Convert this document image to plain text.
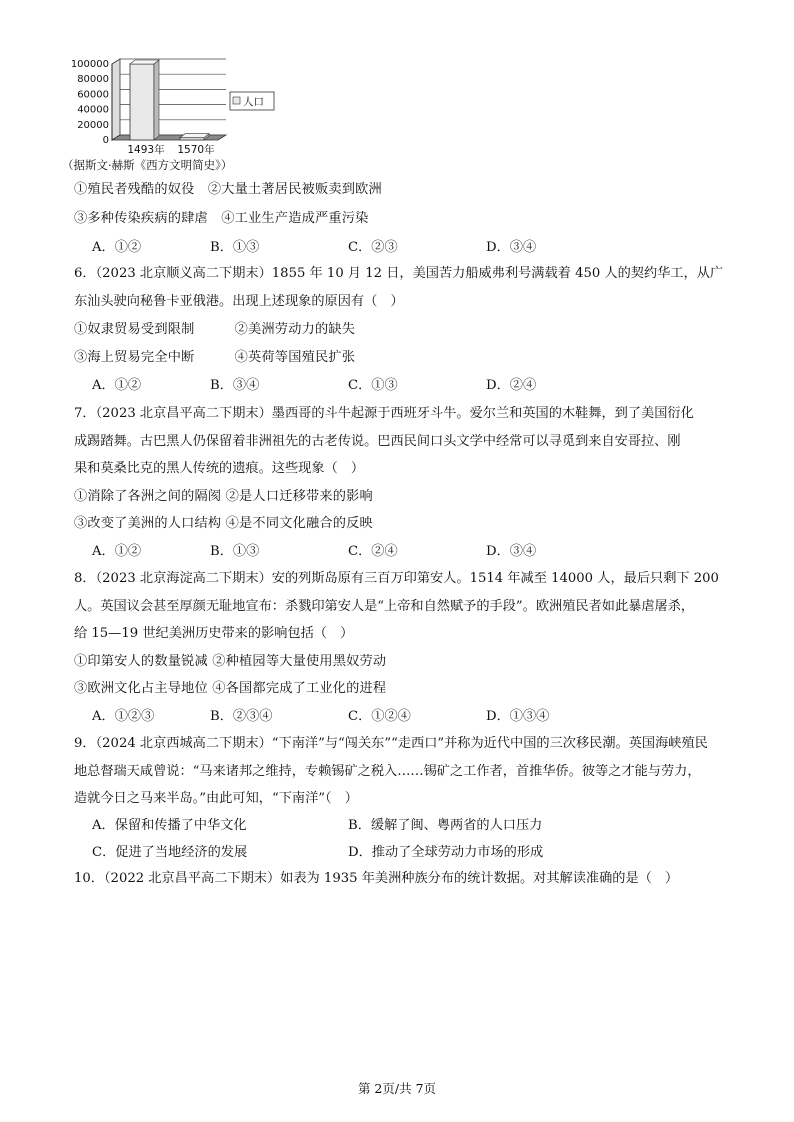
100000
80000
60000
40000
20000
0
1493年 1570年
人口
（据斯文·赫斯《西方文明简史》）
①殖民者残酷的奴役　②大量土著居民被贩卖到欧洲
③多种传染疾病的肆虐　④工业生产造成严重污染
A．①②	B．①③	C．②③	D．③④
6．（2023 北京顺义高二下期末）1855 年 10 月 12 日，美国苦力船威弗利号满载着 450 人的契约华工，从广
东汕头驶向秘鲁卡亚俄港。出现上述现象的原因有（　）
①奴隶贸易受到限制　　　②美洲劳动力的缺失
③海上贸易完全中断　　　④英荷等国殖民扩张
A．①②	B．③④	C．①③	D．②④
7．（2023 北京昌平高二下期末）墨西哥的斗牛起源于西班牙斗牛。爱尔兰和英国的木鞋舞，到了美国衍化
成踢踏舞。古巴黑人仍保留着非洲祖先的古老传说。巴西民间口头文学中经常可以寻觅到来自安哥拉、刚
果和莫桑比克的黑人传统的遗痕。这些现象（　）
①消除了各洲之间的隔阂 ②是人口迁移带来的影响
③改变了美洲的人口结构 ④是不同文化融合的反映
A．①②	B．①③	C．②④	D．③④
8．（2023 北京海淀高二下期末）安的列斯岛原有三百万印第安人。1514 年减至 14000 人，最后只剩下 200
人。英国议会甚至厚颜无耻地宣布：杀戮印第安人是“上帝和自然赋予的手段”。欧洲殖民者如此暴虐屠杀，
给 15—19 世纪美洲历史带来的影响包括（　）
①印第安人的数量锐减 ②种植园等大量使用黑奴劳动
③欧洲文化占主导地位 ④各国都完成了工业化的进程
A．①②③	B．②③④	C．①②④	D．①③④
9．（2024 北京西城高二下期末）“下南洋”与“闯关东”“走西口”并称为近代中国的三次移民潮。英国海峡殖民
地总督瑞天咸曾说：“马来诸邦之维持，专赖锡矿之税入……锡矿之工作者，首推华侨。彼等之才能与劳力，
造就今日之马来半岛。”由此可知，“下南洋”（　）
A．保留和传播了中华文化	B．缓解了闽、粤两省的人口压力
C．促进了当地经济的发展	D．推动了全球劳动力市场的形成
10．（2022 北京昌平高二下期末）如表为 1935 年美洲种族分布的统计数据。对其解读准确的是（　）
第 2页/共 7页
